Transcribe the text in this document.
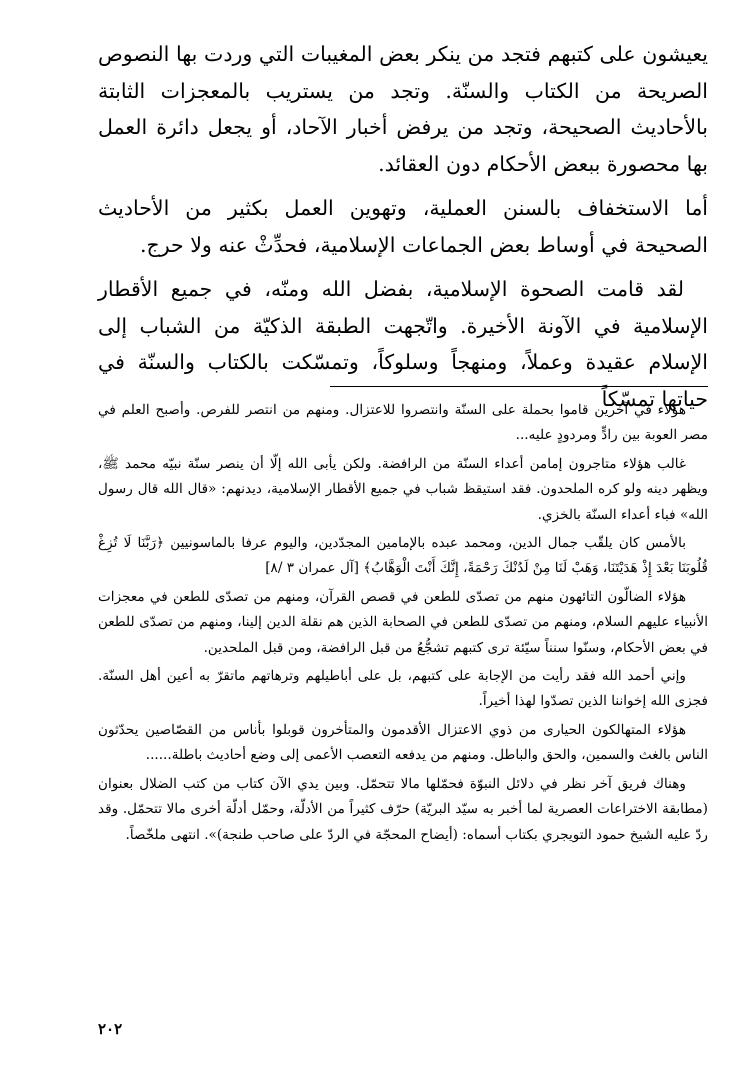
يعيشون على كتبهم فتجد من ينكر بعض المغيبات التي وردت بها النصوص الصريحة من الكتاب والسنّة. وتجد من يستريب بالمعجزات الثابتة بالأحاديث الصحيحة، وتجد من يرفض أخبار الآحاد، أو يجعل دائرة العمل بها محصورة ببعض الأحكام دون العقائد.

أما الاستخفاف بالسنن العملية، وتهوين العمل بكثير من الأحاديث الصحيحة في أوساط بعض الجماعات الإسلامية، فحدِّثْ عنه ولا حرج.

لقد قامت الصحوة الإسلامية، بفضل الله ومنّه، في جميع الأقطار الإسلامية في الآونة الأخيرة. واتّجهت الطبقة الذكيّة من الشباب إلى الإسلام عقيدة وعملاً، ومنهجاً وسلوكاً، وتمسّكت بالكتاب والسنّة في حياتها تمسّكاً

هؤلاء في آخرين قاموا بحملة على السنّة وانتصروا للاعتزال. ومنهم من انتصر للفرص. وأصبح العلم في مصر العوبة بين رادٍّ ومردودٍ عليه...

غالب هؤلاء متاجرون إمامن أعداء السنّة من الرافضة. ولكن يأبى الله إلّا أن ينصر سنّة نبيّه محمد ﷺ، ويظهر دينه ولو كره الملحدون. فقد استيقظ شباب في جميع الأقطار الإسلامية، ديدنهم: «قال الله قال رسول الله» فباء أعداء السنّة بالخزي.

بالأمس كان يلقّب جمال الدين، ومحمد عبده بالإمامين المجدّدين، واليوم عرفا بالماسونيين ﴿رَبَّنَا لَا تُزِغْ قُلُوبَنَا بَعْدَ إِذْ هَدَيْتَنَا، وَهَبْ لَنَا مِنْ لَدُنْكَ رَحْمَةً، إِنَّكَ أَنْتَ الْوَهَّابُ﴾ [آل عمران ٣ /٨]

هؤلاء الضالّون التائهون منهم من تصدّى للطعن في قصص القرآن، ومنهم من تصدّى للطعن في معجزات الأنبياء عليهم السلام، ومنهم من تصدّى للطعن في الصحابة الذين هم نقلة الدين إلينا، ومنهم من تصدّى للطعن في بعض الأحكام، وسنّوا سنناً سيّئة ترى كتبهم تشجُّعُ من قبل الرافضة، ومن قبل الملحدين.

وإني أحمد الله فقد رأيت من الإجابة على كتبهم، بل على أباطيلهم وترهاتهم ماتقرّ به أعين أهل السنّة. فجزى الله إخواننا الذين تصدّوا لهذا أخيراً.

هؤلاء المتهالكون الحيارى من ذوي الاعتزال الأقدمون والمتأخرون قوبلوا بأناس من القصّاصين يحدّثون الناس بالغث والسمين، والحق والباطل. ومنهم من يدفعه التعصب الأعمى إلى وضع أحاديث باطلة......

وهناك فريق آخر نظر في دلائل النبوّة فحمّلها مالا تتحمّل. وبين يدي الآن كتاب من كتب الضلال بعنوان (مطابقة الاختراعات العصرية لما أخبر به سيّد البريّة) حرّف كثيراً من الأدلّة، وحمّل أدلّة أخرى مالا تتحمّل. وقد ردّ عليه الشيخ حمود التويجري بكتاب أسماه: (أيضاح المحجّة في الردّ على صاحب طنجة)». انتهى ملخّصاً.

٢٠٢
